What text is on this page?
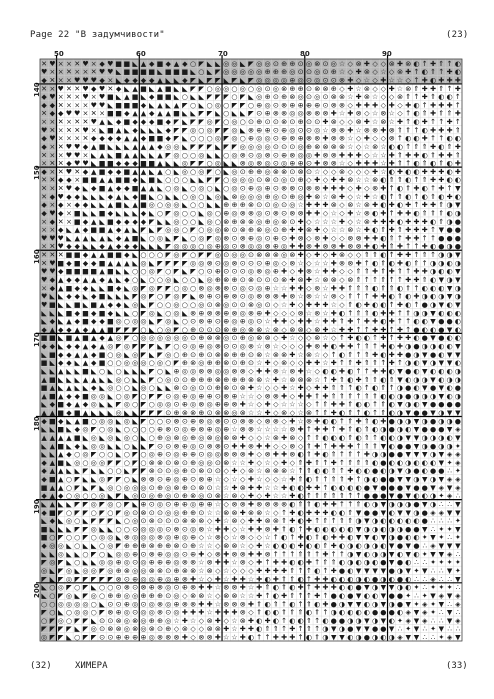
Page 22 "В задумчивости"	(23)
50	60	70	80	90
140
150
160
170
180
190
200
✕ ♥ × × ✕ ♥ × ◆ ♥ ■ ■ ◣ ▲ ◆ ■ ◆ ▲ ◆ ○ ◤ ◣ ◣ ◎ ◎ ◣ ◤ ◎ ◎ ⊙ ⊕ ⊕ ⊙ ◎ ⊗ ⊙ ◎ ☆ ◇ ⊗ ✚ ◇ ◇ ⊗ ✚ ⊗ ◐ ↑ ✚ ⇑ ↑ ◐
♥ × × ✕ × × ✕ ♥ ♥ ◣ ■ ■ ■ ■ ◣ ■ ■ ■ ◣ ○ ◣ ◤ ◎ ◎ ◎ ◎ ◎ ⊕ ⊕ ⊕ ◎ ⊙ ⊙ ◎ ⊙ ⊕ ☆ ◇ ✚ ⊗ ◇ ☆ ◇ ⊗ ✚ ↑ ◐ ⇑ ↑ ✚ ◐
◆ ✕ × × ♥ ♥ ♥ ◆ × ◣ ◆ ◆ ◆ ◆ ▲ ◣ ◣ ◆ ◤ ◣ ◤ ◤ ◣ ◤ ◣ ◤ ◎ ◎ ◎ ◎ ⊕ ◎ ⊙ ◎ ⊙ ⊙ ⊗ ✚ ◇ ☆ ◇ ✚ ☆ ☆ ◇ ↑ ✚ ◐ ✚ ✚ ✚
✕ × ♥ ✕ ✕ ♥ ◆ ♥ ✕ ◆ ◣ ▲ ■ ◣ ▲ ■ ◣ ◣ ◤ ◤ ○ ◎ ◎ ○ ◎ ○ ◎ ⊙ ◎ ⊗ ⊕ ⊕ ⊙ ⊗ ⊗ ⊕ ◇ ✚ ☆ ⊗ ◇ ◇ ✚ ☆ ⊗ ⇑ ✚ ✚ ⇑ ↑ ✚
◆ ♥ × ✕ × ♥ × ♥ ■ ◣ ▲ ■ ◣ ◆ ■ ■ ◣ ○ ◣ ◣ ◤ ◤ ◤ ○ ◤ ◣ ◎ ⊕ ⊙ ⊕ ⊗ ◎ ⊙ ◎ ⊙ ⊗ ⊗ ☆ ✚ ⊗ ☆ ◇ ◇ ⊗ ⇑ ↑ ✚ ⇑ ◐ ◐ ↑
◆ ◆ ✕ × × × ♥ ♥ ◣ ■ ■ ■ ◆ ◣ ▲ ◣ ▲ ◤ ○ ◣ ○ ◎ ○ ◤ ◤ ○ ⊕ ◎ ⊙ ⊗ ⊕ ⊕ ⊕ ⊕ ⊙ ⊗ ⊗ ◇ ✚ ✚ ✚ ◇ ✚ ◇ ✚ ◐ ↑ ✚ ✚ ✚ ↑
✕ ◆ ◆ ♥ ♥ × ✕ × ■ ■ ◆ ▲ ▲ ◆ ▲ ▲ ■ ◣ ◣ ◤ ◤ ◣ ○ ◣ ◣ ◤ ⊙ ⊕ ⊗ ⊗ ◎ ◎ ⊗ ⊗ ⊗ ✚ ☆ ✚ ⊗ ◇ ☆ ⊗ ☆ ◇ ↑ ◐ ⇑ ✚ ⇑ ⇑ ✚
× × ✕ × ✕ ✕ ♥ ▲ ◣ ◆ ■ ◆ ◆ ◆ ■ ◆ ◤ ◣ ◤ ◤ ◎ ◤ ○ ◎ ○ ⊙ ⊕ ⊙ ⊙ ⊗ ⊙ ⊕ ⊙ ⊙ ✚ ⊗ ◇ ◇ ⊗ ✚ ☆ ⊗ ☆ ✚ ↑ ◐ ✚ ↑ ↑ ✚ ↑
♥ ✕ × ✕ ✕ ♥ × ◣ ■ ▲ ◣ ◆ ◣ ◣ ◣ ◆ ◤ ◤ ◎ ○ ◎ ◤ ◤ ◎ ◣ ⊗ ⊕ ⊕ ⊙ ⊕ ◎ ⊙ ⊙ ◎ ☆ ⊗ ⊗ ✚ ☆ ⊗ ⊗ ✚ ⊗ ⇑ ⇑ ↑ ◐ ✚ ✚ ✚ ⇑
◆ ♥ × × × ✕ ◆ ◆ ◆ ◆ ▲ ▲ ◆ ■ ■ ◆ ◤ ◣ ○ ○ ○ ◎ ◤ ◎ ○ ⊕ ◎ ◎ ⊙ ⊕ ⊗ ⊕ ⊗ ⊗ ✚ ⊗ ⊗ ☆ ◇ ✚ ◇ ◇ ⊗ ↑ ◐ ◐ ✚ ↑ ↑ ◐ ◐
◆ × ✕ ♥ ♥ ◆ ▲ ■ ◣ ◣ ◣ ▲ ▲ ▲ ◆ ◎ ◎ ◣ ◤ ◤ ◤ ◣ ◤ ◤ ◎ ◎ ◎ ◎ ⊙ ⊙ ⊙ ◎ ⊕ ⊗ ⊗ ⊗ ⊗ ☆ ◇ ☆ ⊗ ☆ ◐ ◐ ↑ ⇑ ⇑ ✚ ◐ ⇑ ✚
✕ × × ♥ ♥ × ◣ ▲ ◣ ■ ▲ ▲ ◣ ◣ ▲ ◤ ◎ ○ ○ ◎ ◣ ◣ ○ ◎ ⊗ ⊙ ◎ ⊗ ⊙ ⊕ ⊗ ◎ ◎ ✚ ⊗ ⊗ ✚ ✚ ✚ ◇ ☆ ☆ ✚ ⇑ ✚ ✚ ◐ ⇑ ✚ ✚ ⇑
× ✕ ✕ ◆ ♥ ♥ ◣ ■ ■ ◆ ◆ ◆ ■ ■ ▲ ◣ ◣ ◎ ◤ ◤ ○ ◎ ◣ ◣ ⊗ ◎ ⊗ ◎ ⊙ ◎ ⊕ ⊕ ⊙ ✚ ⊗ ⊗ ☆ ◇ ✚ ✚ ✚ ☆ ✚ ⇑ ↑ ◐ ⇑ ◐ ⇑ ◐ ✚
◆ × ✕ ♥ ✕ ◆ ▲ ■ ◆ ◆ ■ ▲ ▲ ◣ ▲ ○ ◣ ◎ ○ ◎ ◤ ○ ◣ ◎ ⊙ ⊕ ⊕ ◎ ⊗ ⊗ ⊙ ⊗ ⊙ ☆ ◇ ◇ ⊗ ◇ ◇ ◇ ✚ ☆ ◐ ✚ ◐ ◐ ✚ ✚ ✚ ◐ ✚
✕ ✕ ◆ ◆ × ■ ■ ▲ ▲ ■ ■ ◆ ◣ ■ ◣ ○ ○ ○ ◣ ◣ ◤ ◤ ○ ◎ ◎ ◎ ⊙ ⊗ ⊙ ◎ ⊙ ⊕ ◇ ✚ ◇ ✚ ✚ ⊗ ☆ ☆ ⊗ ◐ ⇑ ⇑ ◐ ↑ ⇑ ✚ ✚ ◐ ◐
✕ × ✕ ♥ ◆ ◣ ◆ ■ ▲ ◆ ◆ ■ ▲ ▲ ◣ ○ ◎ ◣ ○ ◎ ○ ◣ ○ ◎ ⊙ ⊕ ◎ ⊕ ⊙ ⊗ ⊗ ⊙ ⊗ ⊗ ✚ ✚ ✚ ◇ ✚ ◇ ⊗ ✚ ↑ ◐ ⇑ ✚ ◐ ↑ ✚ ↑ ▼
✕ ◆ ♥ ◆ ◆ ◣ ◣ ◣ ◆ ▲ ◣ ◆ ■ ◣ ○ ◣ ◣ ○ ◎ ○ ◣ ◎ ◣ ⊗ ◎ ◎ ◎ ⊕ ◎ ⊙ ⊕ ◎ ✚ ⊗ ☆ ⊗ ✚ ◇ ☆ ✚ ☆ ◐ ↑ ⇑ ◐ ↑ ◐ ⇑ ◐ ✚ ◐
◆ × ◆ × ◆ ◆ ◣ ◣ ▲ ■ ◣ ▲ ■ ◎ ○ ◎ ◎ ◣ ○ ○ ◣ ◣ ⊕ ⊕ ⊕ ⊗ ⊙ ⊙ ◎ ⊙ ◎ ☆ ✚ ✚ ✚ ⊗ ◇ ⊗ ☆ ⊗ ✚ ◐ ✚ ◐ ✚ ↑ ✚ ✚ ⇑ ◑ ▼
◆ ♥ ◆ × ■ ◣ ◣ ■ ◆ ◣ ◣ ◣ ◆ ◣ ○ ◤ ◎ ○ ○ ◣ ◎ ○ ⊕ ◎ ⊗ ⊗ ◎ ⊙ ⊗ ⊙ ⊗ ⊗ ✚ ✚ ◇ ☆ ◇ ✚ ☆ ⊗ ◐ ✚ ↑ ✚ ✚ ◐ ⇑ ⇑ ⇑ ◐ ◑
× ◆ ✕ × ■ ◆ ▲ ◣ ■ ◆ ◆ ◆ ◆ ◤ ◣ ◣ ◎ ○ ○ ◣ ◎ ○ ⊗ ⊕ ⊗ ⊗ ◎ ⊕ ◎ ⊗ ⊙ ✚ ◇ ☆ ☆ ☆ ✚ ◇ ☆ ⊗ ✚ ✚ ✚ ◐ ✚ ✚ ✚ ◐ ⇑ ◑ ●
× × ◆ ◣ ▲ ◆ ■ ■ ▲ ◆ ▲ ◣ ◤ ◣ ◤ ◎ ◎ ○ ◤ ○ ◎ ◎ ⊗ ⊙ ⊗ ⊕ ⊗ ◎ ⊙ ⊕ ✚ ✚ ⊗ ✚ ◇ ☆ ☆ ⊗ ☆ ✚ ◐ ⇑ ✚ ⇑ ✚ ✚ ✚ ↑ ▼ ● ●
♥ ♥ ♥ ◣ ▲ ▲ ◣ ▲ ◣ ◆ ▲ ■ ◣ ○ ◎ ◣ ◤ ◣ ○ ◎ ◤ ◎ ⊗ ⊙ ⊗ ⊕ ◎ ⊙ ⊕ ⊙ ✚ ⊗ ◇ ⊗ ✚ ◇ ◇ ⊗ ⊗ ✚ ✚ ◐ ⇑ ↑ ✚ ✚ ↑ ↑ ● ● ●
× ✕ ♥ ◆ ◆ ◣ ◣ ◆ ▲ ◆ ◆ ◆ ◣ ◣ ◣ ◤ ◎ ◎ ◎ ○ ◎ ⊕ ◎ ⊙ ⊗ ◎ ◎ ⊗ ⊕ ◎ ✚ ✚ ⊗ ✚ ⊗ ⊗ ✚ ⊗ ⊗ ✚ ◐ ✚ ⇑ ✚ ↑ ↑ ✚ ◐ ● ◑ ●
✕ ✕ ✕ ■ ■ ◆ ▲ ▲ ■ ■ ◆ ◣ ○ ○ ○ ◤ ◎ ◤ ○ ◤ ◤ ◎ ⊙ ◎ ◎ ⊙ ⊗ ⊗ ⊗ ◎ ⊗ ✚ ◇ ✚ ◇ ✚ ⊗ ◇ ◇ ⇑ ⇑ ◐ ↑ ✚ ✚ ↑ ⇑ ↑ ◑ ◑ ▼
✕ ♥ ■ ◆ ■ ◆ ◆ ■ ▲ ▲ ▲ ◣ ◎ ◣ ◤ ◤ ◤ ◤ ◎ ◎ ⊗ ⊙ ◎ ⊗ ⊙ ⊙ ⊙ ⊕ ◎ ◇ ⊗ ☆ ◇ ☆ ☆ ✚ ⊗ ⊗ ✚ ↑ ◐ ⇑ ◐ ✚ ◐ ⇑ ↑ ◑ ◑ ◐ ◑
♥ ♥ ◆ ■ ■ ■ ■ ▲ ■ ◣ ◣ ○ ○ ◎ ◤ ○ ◤ ◣ ◤ ○ ⊙ ⊕ ⊙ ⊙ ⊙ ◎ ⊗ ◎ ⊕ ✚ ◇ ✚ ⊗ ☆ ✚ ✚ ◇ ◇ ⇑ ⇑ ✚ ⇑ ✚ ⇑ ↑ ✚ ✚ ◑ ◐ ◐ ▼
♥ ◆ ▲ ◆ ◆ ▲ ▲ ◆ ▲ ◣ ◆ ○ ◣ ○ ○ ◎ ◣ ○ ○ ◣ ◎ ⊕ ⊗ ⊕ ⊙ ⊗ ⊙ ⊙ ⊙ ⊗ ✚ ⊗ ✚ ☆ ⊗ ⊗ ◇ ⊗ ⇑ ↑ ↑ ⇑ ↑ ↑ ✚ ✚ ⇑ ◐ ▼ ◑ ▼
× ◆ ▲ ■ ◆ ◆ ◣ ◣ ■ ◆ ◣ ◎ ◤ ◎ ◤ ◤ ○ ◎ ○ ⊗ ◎ ⊗ ⊗ ⊙ ◎ ⊙ ◎ ⊕ ☆ ☆ ✚ ✚ ◇ ⊗ ☆ ✚ ✚ ⇑ ⇑ ⇑ ◐ ⇑ ⇑ ◐ ⇑ ↑ ◐ ◐ ◐ ▼ ◑
♥ ◣ ◣ ◆ ◆ ◣ ◆ ■ ◣ ◣ ◣ ◤ ◎ ◤ ○ ◤ ◎ ◤ ◣ ⊗ ⊕ ⊙ ⊕ ⊗ ⊙ ◎ ⊗ ⊗ ⊗ ✚ ⊗ ☆ ⊗ ☆ ☆ ⊗ ◇ ⇑ ↑ ↑ ✚ ✚ ◐ ⇑ ◐ ✚ ◑ ◐ ◑ ▼ ◑
♥ ■ ◣ ◣ ■ ◣ ■ ▲ ◆ ◆ ◣ ◎ ◣ ◤ ○ ○ ◎ ○ ○ ◎ ⊙ ⊗ ◎ ⊙ ⊙ ⊗ ◎ ⊙ ◇ ☆ ✚ ◇ ✚ ✚ ✚ ☆ ◇ ⇑ ◐ ✚ ◐ ◐ ↑ ✚ ◐ ↑ ● ◑ ▼ ◐ ▼
◣ ◣ ◣ ■ ◆ ■ ◆ ■ ◆ ◣ ◣ ○ ◤ ◎ ◣ ○ ◎ ◣ ⊗ ⊕ ⊗ ⊗ ⊕ ⊗ ◎ ⊗ ⊕ ✚ ◇ ◇ ◇ ⊗ ☆ ⊗ ☆ ✚ ◐ ↑ ⇑ ⇑ ◐ ✚ ✚ ↑ ⇑ ◑ ◑ ▼ ◐ ◐ ◐
◣ ◆ ◣ ▲ ◆ ■ ◆ ◆ ■ ◎ ○ ◎ ◎ ◣ ◤ ◎ ◣ ○ ⊙ ⊗ ⊕ ⊙ ⊕ ◎ ⊕ ◎ ⊙ ☆ ✚ ✚ ◇ ✚ ✚ ☆ ✚ ✚ ⇑ ✚ ↑ ✚ ✚ ◐ ✚ ↑ ↑ ◐ ◐ ▼ ● ● ◐
◆ ▲ ◆ ◆ ▲ ◆ ▲ ▲ ■ ◤ ◤ ◤ ○ ◣ ○ ◎ ◤ ○ ⊕ ⊙ ⊙ ⊙ ⊗ ⊕ ◎ ⊗ ⊗ ☆ ⊗ ◇ ⊗ ⊗ ◇ ⊗ ✚ ☆ ✚ ✚ ↑ ↑ ✚ ✚ ↑ ✚ ↑ ● ◐ ◐ ● ▼ ◐
■ ■ ◣ ■ ▲ ■ ▲ ◆ ▲ ◎ ◤ ○ ◎ ◎ ◎ ◎ ◎ ◎ ⊙ ⊕ ⊗ ⊗ ◎ ⊙ ⊕ ◎ ⊗ ⊗ ◇ ✚ ☆ ◇ ◇ ⊗ ☆ ◇ ↑ ✚ ◐ ◐ ↑ ✚ ↑ ✚ ✚ ◐ ● ▼ ● ◐ ◐
◆ ◆ ◣ ◆ ◆ ▲ ◆ ▲ ◎ ◤ ◎ ◤ ◤ ◤ ◣ ◤ ○ ⊙ ◎ ⊕ ◎ ⊗ ⊙ ⊙ ◎ ⊗ ☆ ⊗ ☆ ◇ ◇ ◇ ✚ ⊗ ✚ ◐ ✚ ✚ ↑ ⇑ ↑ ✚ ◐ ✚ ◑ ● ◑ ◑ ◐ ◐ ▼
◣ ■ ◆ ◆ ▲ ▲ ◆ ■ ○ ◎ ◣ ◎ ◤ ◣ ◤ ◎ ○ ⊕ ⊙ ⊕ ⊙ ⊗ ⊗ ⊕ ⊕ ⊙ ⊗ ☆ ⊗ ⊗ ✚ ☆ ⊗ ☆ ◇ ↑ ◐ ⇑ ↑ ⇑ ✚ ◐ ✚ ✚ ● ◑ ▼ ● ◐ ▼ ▼
■ ◣ ◆ ◆ ◣ ▲ ◆ ■ ○ ○ ◎ ◎ ◎ ○ ◎ ○ ◤ ⊕ ⊗ ◎ ⊕ ⊕ ⊗ ⊙ ⊕ ⊙ ☆ ✚ ◇ ⊗ ◇ ◇ ✚ ✚ ☆ ✚ ↑ ⇑ ✚ ⇑ ⇑ ↑ ✚ ↑ ◑ ◐ ▼ ◑ ▼ ▼ ◐
◣ ◣ ▲ ◣ ◣ ■ ◣ ○ ◣ ○ ◣ ◣ ◣ ◤ ○ ◣ ⊕ ◎ ◎ ⊗ ⊗ ◎ ◎ ⊗ ⊗ ◇ ✚ ✚ ⊗ ☆ ⊗ ✚ ☆ ◇ ◐ ◐ ✚ ◐ ↑ ↑ ✚ ✚ ◐ ▼ ● ◐ ▼ ◐ ◐ ◐ ◑
▲ ■ ◣ ◣ ◣ ▲ ▲ ◣ ◣ ◎ ○ ◣ ◣ ◤ ○ ◎ ⊙ ⊙ ⊕ ⊕ ⊕ ⊗ ⊕ ⊕ ⊕ ⊗ ⊗ ☆ ✚ ☆ ⊗ ⊗ ⊗ ☆ ↑ ✚ ⇑ ◐ ✚ ⇑ ⇑ ◐ ⇑ ▼ ◐ ◑ ◑ ▼ ◐ ◑ ◑
■ ▲ ◣ ▲ ◣ ◣ ◆ ◣ ◎ ○ ○ ◣ ◎ ○ ◣ ◣ ⊗ ⊙ ◎ ⊙ ⊙ ⊕ ⊗ ⊙ ⊗ ✚ ☆ ◇ ◇ ✚ ☆ ✚ ◇ ✚ ✚ ⇑ ⇑ ↑ ◐ ↑ ◐ ⇑ ↑ ◑ ● ◐ ▼ ● ▼ ◐ ●
▲ ■ ▲ ◆ ◆ ■ ◎ ◎ ◣ ○ ◎ ◤ ○ ◤ ◤ ⊙ ◎ ⊕ ◎ ⊕ ⊕ ⊙ ⊗ ⊕ ☆ ☆ ◇ ⊗ ⊗ ✚ ◇ ✚ ✚ ⇑ ✚ ⇑ ⇑ ⇑ ↑ ⇑ ⇑ ◐ ◐ ◑ ● ◑ ◑ ◑ ▼ ◐ ◑
◣ ◆ ■ ◆ ▲ ◆ ◎ ◣ ◣ ◤ ◎ ○ ◤ ○ ◎ ◎ ⊙ ⊕ ◎ ⊗ ◎ ⊕ ⊕ ⊗ ✚ ☆ ◇ ✚ ◇ ☆ ☆ ☆ ◇ ↑ ⇑ ✚ ✚ ⇑ ◐ ◐ ↑ ⇑ ◐ ▼ ◑ ◐ ▼ ● ● ● ●
▲ ▲ ■ ◆ ■ ▲ ◣ ◣ ◣ ◎ ◣ ◣ ◤ ◤ ◤ ⊙ ⊕ ⊗ ⊗ ⊕ ⊙ ⊗ ⊗ ◎ ⊗ ☆ ☆ ✚ ◇ ⊗ ◇ ☆ ⊗ ↑ ⇑ ✚ ◐ ⇑ ↑ ◐ ↑ ⇑ ◐ ◑ ▼ ● ● ▼ ◑ ▼ ▼
◆ ■ ◆ ◣ ▲ ■ ○ ◎ ◎ ◣ ◎ ◣ ◤ ○ ○ ⊙ ⊗ ⊙ ⊕ ⊗ ◎ ⊗ ⊙ ⊙ ⊗ ⊗ ◇ ⊗ ⊗ ◇ ✚ ☆ ⊗ ✚ ◐ ◐ ↑ ⇑ ✚ ⇑ ◐ ✚ ● ◑ ◑ ▼ ◑ ● ◑ ◑ ●
◣ ◣ ■ ◣ ◆ ◎ ◤ ○ ◎ ◣ ○ ○ ○ ○ ⊕ ⊗ ⊙ ◎ ⊕ ⊗ ⊕ ◎ ⊕ ☆ ⊗ ⊗ ☆ ☆ ☆ ☆ ⊗ ✚ ↑ ✚ ✚ ↑ ✚ ⇑ ◐ ⇑ ◐ ◑ ● ◑ ◐ ▼ ● ● ● ▼ ◈
▲ ▲ ▲ ▲ ■ ◣ ◎ ◣ ◎ ◣ ◎ ○ ◣ ○ ⊕ ◎ ⊗ ◎ ⊕ ◎ ⊗ ◎ ⊗ ⊗ ✚ ◇ ◇ ☆ ⊗ ✚ ⊗ ◇ ↑ ⇑ ◐ ◐ ◐ ⇑ ◐ ⇑ ↑ ◐ ◐ ◑ ▼ ▼ ◑ ◑ ◑ ◐ ▼
◣ ▲ ■ ◣ ◆ ◣ ◎ ◎ ◣ ◣ ○ ◣ ◣ ◤ ⊙ ⊙ ⊗ ⊕ ◎ ⊙ ⊗ ⊗ ⊙ ✚ ✚ ⊗ ✚ ✚ ◇ ◇ ⊗ ◇ ⇑ ✚ ↑ ✚ ✚ ✚ ↑ ⇑ ⇑ ▼ ◐ ● ● ▼ ◑ ● ◑ ◑ ✦
◣ ◣ ▲ ◆ ○ ◎ ◤ ○ ○ ◣ ○ ◤ ○ ◎ ⊕ ⊙ ◎ ⊕ ⊕ ⊙ ◎ ◎ ⊗ ⊗ ⊗ ✚ ◇ ⊗ ✚ ✚ ⊗ ◐ ⇑ ✚ ◐ ⇑ ↑ ⇑ ↑ ✚ ◑ ◑ ● ● ▼ ▼ ▼ ◑ ▼ ◈ ◈
◆ ▲ ■ ◣ ◎ ○ ◎ ◎ ◤ ◤ ○ ◤ ○ ⊗ ⊗ ⊙ ⊗ ⊙ ⊕ ◎ ◎ ⊙ ⊗ ☆ ☆ ✚ ◇ ☆ ◇ ✚ ◇ ⇑ ✚ ⇑ ↑ ✚ ↑ ⇑ ⇑ ⇑ ◐ ● ◐ ◐ ◑ ◐ ◐ ◐ ▼ ✦ ◈
◆ ▲ ▲ ◣ ◣ ◤ ◣ ◣ ○ ○ ◣ ◤ ◤ ⊗ ⊙ ⊙ ◎ ⊕ ⊙ ⊗ ⊙ ⊙ ◇ ✚ ◇ ⊗ ☆ ⊗ ⊗ ⊗ ☆ ↑ ⇑ ◐ ◐ ⇑ ↑ ✚ ◐ ◐ ● ◐ ◑ ▼ ◑ ● ◐ ● ● ∴ ✦
◆ ■ ▲ ○ ◤ ◣ ◣ ◎ ◤ ◤ ○ ◣ ⊗ ⊗ ⊙ ⊕ ◎ ⊕ ⊙ ⊗ ⊕ ☆ ◇ ☆ ◇ ✚ ☆ ◇ ◇ ☆ ✚ ⇑ ◐ ⇑ ↑ ⇑ ⇑ ✚ ↑ ◑ ◐ ● ● ▼ ▼ ◑ ▼ ◑ ▼ ◈ ◈
■ ▲ ▲ ○ ◤ ◣ ◤ ◣ ◎ ○ ◎ ◎ ◎ ⊙ ⊕ ◎ ⊗ ⊕ ⊙ ⊗ ⊙ ☆ ☆ ✚ ⊗ ✚ ✚ ☆ ☆ ✚ ◐ ◐ ✚ ✚ ↑ ◐ ◐ ◐ ◐ ● ▼ ● ● ● ▼ ● ● ▼ ◈ ▼ ◈
◆ ▲ ◆ ○ ◎ ○ ○ ◎ ◣ ◤ ◣ ◎ ⊙ ◎ ⊕ ◎ ⊙ ⊕ ⊗ ◎ ⊙ ⊗ ☆ ⊗ ◇ ✚ ◇ ✚ ☆ ☆ ✚ ◐ ↑ ⇑ ⇑ ⇑ ⇑ ↑ ↑ ● ● ● ▼ ● ▼ ◐ ◐ ◑ ✦ ◈ ∴
◣ ▲ ◣ ◣ ◤ ◤ ◎ ◤ ◎ ○ ◤ ◣ ⊕ ⊙ ◎ ⊙ ⊕ ⊕ ◎ ⊕ ⊕ ☆ ◇ ⊗ ⊗ ✚ ⊗ ⊗ ⊗ ⊗ ◐ ⇑ ⇑ ◐ ✚ ✚ ↑ ↑ ⇑ ◐ ◑ ▼ ◑ ◑ ◑ ● ▼ ◑ ∴ ∴ ▼
◆ ■ ◤ ○ ◤ ◤ ○ ◤ ○ ◤ ◎ ⊙ ⊗ ⊙ ⊙ ◎ ◎ ⊕ ⊕ ⊙ ☆ ☆ ⊗ ⊗ ✚ ⊗ ⊗ ☆ ◇ ↑ ✚ ◐ ✚ ✚ ✚ ◐ ◐ ⇑ ▼ ● ● ▼ ◐ ▼ ▼ ◑ ● ◈ ◈ ▼ ▼
◣ ◆ ◣ ◎ ○ ◣ ◤ ◤ ◤ ◣ ○ ◎ ⊙ ⊗ ⊙ ⊙ ⊙ ⊗ ⊗ ⊗ ◇ ✚ ☆ ⊗ ◇ ✚ ✚ ⊗ ⊗ ⇑ ✚ ◐ ✚ ↑ ⇑ ↑ ⇑ ⇑ ◑ ▼ ◑ ◐ ◐ ◐ ◐ ◐ ● ∴ ∴ ∴ ✦
■ ◣ ◣ ◣ ◤ ◤ ◎ ◣ ◣ ○ ○ ⊙ ◎ ◎ ◎ ⊙ ⊗ ⊙ ◎ ⊗ ☆ ✚ ✚ ◇ ☆ ✚ ✚ ⊗ ✚ ⇑ ◐ ↑ ✚ ◐ ◐ ◐ ◐ ◐ ▼ ◑ ◑ ◐ ◑ ◑ ● ● ▼ ∴ ✦ ✦ ▼
■ ○ ◤ ○ ○ ◤ ○ ◎ ◎ ◣ ⊗ ◎ ◎ ◎ ⊗ ◎ ⊕ ◎ ⊕ ◇ ☆ ⊗ ◇ ☆ ⊗ ◇ ◇ ☆ ↑ ◐ ↑ ✚ ◐ ⇑ ◐ ✚ ✚ ◐ ▼ ▼ ◐ ▼ ◑ ● ◐ ◐ ✦ ▼ ✦ ∴ ✦
◆ ◎ ◎ ◣ ○ ◣ ◣ ○ ◎ ◤ ⊕ ⊕ ⊕ ⊗ ⊕ ⊕ ⊗ ⊙ ⊕ ☆ ☆ ◇ ⊗ ⊗ ☆ ◇ ✚ ☆ ◐ ◐ ◐ ✚ ◐ ◐ ⇑ ✚ ◐ ◑ ◐ ◑ ◑ ◐ ▼ ● ▼ ● ∴ ◈ ▼ ▼ ▼
◣ ◣ ◎ ◣ ◣ ○ ◤ ○ ◣ ◎ ◎ ⊕ ⊙ ⊗ ⊕ ◎ ◎ ⊙ ⊕ ✚ ◇ ⊗ ✚ ⊗ ⊗ ✚ ✚ ⊗ ↑ ↑ ↑ ⇑ ⇑ ↑ ✚ ↑ ↑ ◑ ▼ ◐ ◑ ◑ ▼ ◐ ▼ ◐ ✦ ▼ ▼ ◈ ∴
◤ ◎ ◤ ◣ ○ ◣ ◣ ◎ ◎ ⊕ ◎ ⊙ ◎ ⊕ ⊕ ⊕ ◎ ⊗ ⊗ ☆ ⊗ ✚ ✚ ☆ ⊗ ◇ ✚ ↑ ✚ ✚ ◐ ◐ ✚ ↑ ⇑ ⇑ ◐ ◑ ◐ ◑ ◐ ● ▼ ● ◐ ∴ ∴ ✦ ✦ ✦ ✦
◎ ◣ ◤ ◎ ◣ ◎ ◎ ◤ ◎ ⊕ ⊗ ◎ ◎ ⊗ ⊗ ⊙ ⊕ ⊗ ⊗ ☆ ⊗ ◇ ☆ ◇ ◇ ◇ ✚ ✚ ✚ ✚ ⇑ ↑ ↑ ◐ ↑ ✚ ● ◐ ▼ ▼ ▼ ▼ ● ◑ ▼ ✦ ▼ ∴ ∴ ▼ ✦
◤ ◣ ◤ ◎ ◤ ◤ ◤ ◤ ◤ ⊗ ⊙ ⊕ ◎ ◎ ⊕ ◎ ⊕ ⊗ ✚ ☆ ◇ ✚ ☆ ✚ ✚ ☆ ✚ ◐ ✚ ⇑ ⇑ ◐ ↑ ✚ ✚ ◐ ◐ ◐ ◑ ◐ ● ◑ ◐ ● ◐ ∴ ∴ ◈ ∴ ∴ ▼
◣ ○ ◎ ◤ ○ ◤ ◣ ○ ○ ⊙ ⊗ ⊙ ⊗ ⊕ ⊗ ◎ ⊙ ⊕ ⊗ ✚ ✚ ☆ ⊗ ⊗ ✚ ☆ ✚ ⇑ ◐ ⇑ ◐ ✚ ↑ ✚ ✚ ✚ ◐ ◐ ● ▼ ◑ ▼ ▼ ◑ ◐ ✦ ∴ ✦ ✦ ✦ ∴
◣ ○ ◤ ◎ ◣ ◤ ◎ ○ ⊕ ⊕ ◎ ◎ ⊕ ⊕ ⊕ ⊙ ◎ ◇ ⊗ ⊗ ☆ ◇ ⊗ ⊗ ☆ ☆ ✚ ↑ ◐ ✚ ⇑ ↑ ↑ ✚ ↑ ● ◐ ● ▼ ◐ ◐ ▼ ● ● ✦ ∴ ✦ ▼ ◈ ▼ ◈
○ ○ ◎ ◎ ◎ ◎ ○ ◣ ⊙ ⊙ ⊕ ◎ ⊙ ◎ ⊗ ◎ ⊕ ⊗ ⊗ ✚ ✚ ☆ ⊗ ⊗ ⊗ ✚ ⇑ ◐ ⇑ ↑ ◐ ↑ ⇑ ◐ ✚ ● ◑ ▼ ▼ ◐ ◑ ▼ ◑ ● ▼ ✦ ◈ ✦ ▼ ∴ ◈
◤ ○ ◣ ○ ◎ ◎ ○ ◤ ⊗ ⊕ ◎ ⊙ ◎ ◎ ⊗ ⊙ ◎ ✚ ✚ ✚ ☆ ✚ ✚ ✚ ⊗ ◇ ⇑ ◐ ◐ ⇑ ⇑ ⇑ ◐ ⇑ ↑ ◑ ◐ ◐ ◐ ◐ ● ● ● ◐ ◈ ▼ ◈ ✦ ∴ ▼ ∴
○ ◤ ◎ ○ ◤ ◤ ◣ ⊙ ⊙ ⊗ ◎ ⊗ ◎ ⊕ ⊕ ◎ ☆ ✚ ☆ ◇ ⊗ ✚ ◇ ☆ ⊗ ✚ ◐ ✚ ◐ ↑ ◐ ◐ ⇑ ↑ ◐ ● ● ◑ ◑ ▼ ◑ ▼ ◐ ✦ ◈ ▼ ◈ ∴ ∴ ▼ ◈
◤ ◤ ◤ ◤ ◣ ◤ ◎ ⊙ ⊗ ⊗ ◎ ⊗ ◎ ⊗ ⊙ ⊕ ◇ ⊗ ◇ ◇ ⊗ ⊗ ✚ ☆ ✚ ✚ ◐ ⇑ ⇑ ↑ ✚ ↑ ⇑ ↑ ◑ ▼ ◑ ● ▼ ▼ ● ● ▼ ∴ ✦ ▼ ∴ ✦ ▼ ∴ ∴
◎ ◤ ◤ ◣ ○ ◤ ◤ ⊙ ⊙ ⊕ ⊕ ⊕ ⊕ ◎ ⊗ ⊗ ⊗ ✚ ◇ ⊗ ⊗ ✚ ☆ ☆ ✚ ◐ ↑ ↑ ✚ ✚ ✚ ↑ ◐ ⇑ ◑ ▼ ▼ ◐ ◑ ● ◑ ◐ ◑ ◈ ▼ ▼ ∴ ∴ ✦ ◈ ▼
(32)	ХИМЕРА	(33)
